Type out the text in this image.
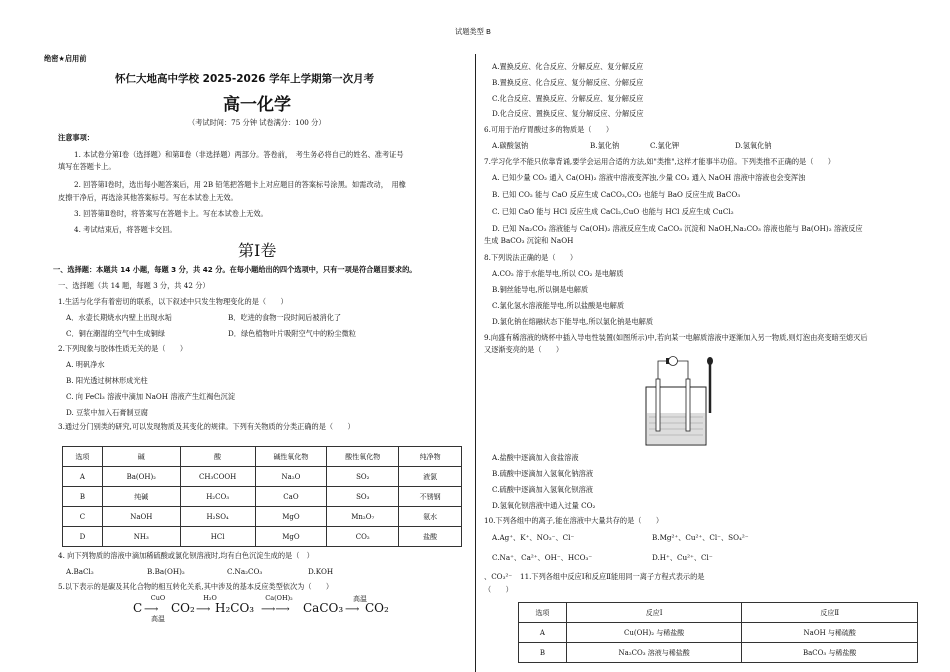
试题类型 B
绝密★启用前
怀仁大地高中学校 2025-2026 学年上学期第一次月考
高一化学
（考试时间：75 分钟 试卷满分：100 分）
注意事项：
1. 本试卷分第Ⅰ卷（选择题）和第Ⅱ卷（非选择题）两部分。答卷前，　考生务必将自己的姓名、准考证号
填写在答题卡上。
2. 回答第Ⅰ卷时，选出每小题答案后，用 2B 铅笔把答题卡上对应题目的答案标号涂黑。如需改动，　用橡
皮擦干净后，再选涂其他答案标号。写在本试卷上无效。
3. 回答第Ⅱ卷时，将答案写在答题卡上。写在本试卷上无效。
4. 考试结束后，将答题卡交回。
第Ⅰ卷
一、选择题：本题共 14 小题，每题 3 分，共 42 分。在每小题给出的四个选项中，只有一项是符合题目要求的。
一、选择题（共 14 题，每题 3 分，共 42 分）
1.生活与化学有着密切的联系，以下叙述中只发生物理变化的是（　　）
A．水壶长期烧水内壁上出现水垢	B．吃进的食物一段时间后被消化了
C．铜在潮湿的空气中生成铜绿	D．绿色植物叶片吸附空气中的粉尘微粒
2.下列现象与胶体性质无关的是（　　）
A. 明矾净水
B. 阳光透过树林形成光柱
C. 向 FeCl₃ 溶液中滴加 NaOH 溶液产生红褐色沉淀
D. 豆浆中加入石膏制豆腐
3.通过分门别类的研究,可以发现物质及其变化的规律。下列有关物质的分类正确的是（　　）
选项	碱	酸	碱性氧化物	酸性氧化物	纯净物
A	Ba(OH)₂	CH₃COOH	Na₂O	SO₂	液氯
B	纯碱	H₂CO₃	CaO	SO₃	不锈钢
C	NaOH	H₂SO₄	MgO	Mn₂O₇	氨水
D	NH₃	HCl	MgO	CO₂	盐酸
4. 向下列物质的溶液中滴加稀硫酸或氯化钡溶液时,均有白色沉淀生成的是（　）
A.BaCl₂	B.Ba(OH)₂	C.Na₂CO₃	D.KOH
5.以下表示的是碳及其化合物的相互转化关系,其中涉及的基本反应类型依次为（　　）
C
CuO
⟶
高温
CO₂
H₂O
⟶ H₂CO₃
Ca(OH)₂
⟶⟶ CaCO₃
高温
⟶ CO₂
A.置换反应、化合反应、分解反应、复分解反应
B.置换反应、化合反应、复分解反应、分解反应
C.化合反应、置换反应、分解反应、复分解反应
D.化合反应、置换反应、复分解反应、分解反应
6.可用于治疗胃酸过多的物质是（　　）
A.碳酸氢钠	B.氯化钠	C.氯化钾	D.氢氧化钠
7.学习化学不能只依靠背诵,要学会运用合适的方法,如"类推",这样才能事半功倍。下列类推不正确的是（　　）
A. 已知少量 CO₂ 通入 Ca(OH)₂ 溶液中溶液变浑浊,少量 CO₂ 通入 NaOH 溶液中溶液也会变浑浊
B. 已知 CO₂ 能与 CaO 反应生成 CaCO₃,CO₂ 也能与 BaO 反应生成 BaCO₃
C. 已知 CaO 能与 HCl 反应生成 CaCl₂,CuO 也能与 HCl 反应生成 CuCl₂
D. 已知 Na₂CO₃ 溶液能与 Ca(OH)₂ 溶液反应生成 CaCO₃ 沉淀和 NaOH,Na₂CO₃ 溶液也能与 Ba(OH)₂ 溶液反应
生成 BaCO₃ 沉淀和 NaOH
8.下列说法正确的是（　　）
A.CO₂ 溶于水能导电,所以 CO₂ 是电解质
B.铜丝能导电,所以铜是电解质
C.氯化氢水溶液能导电,所以盐酸是电解质
D.氯化钠在熔融状态下能导电,所以氯化钠是电解质
9.向盛有稀溶液的烧杯中插入导电性装置(如图所示)中,若向某一电解质溶液中逐渐加入另一物质,则灯泡由亮变暗至熄灭后
又逐渐变亮的是（　　）
A.盐酸中逐滴加入食盐溶液
B.硫酸中逐滴加入氢氧化钠溶液
C.硫酸中逐滴加入氢氧化钡溶液
D.氢氧化钡溶液中通入过量 CO₂
10.下列各组中的离子,能在溶液中大量共存的是（　　）
A.Ag⁺、K⁺、NO₃⁻、Cl⁻	B.Mg²⁺、Cu²⁺、Cl⁻、SO₄²⁻
C.Na⁺、Ca²⁺、OH⁻、HCO₃⁻	D.H⁺、Cu²⁺、Cl⁻
、CO₃²⁻ 11.下列各组中反应Ⅰ和反应Ⅱ能用同一离子方程式表示的是
（　　）
选项	反应Ⅰ	反应Ⅱ
A	Cu(OH)₂ 与稀盐酸	NaOH 与稀硫酸
B	Na₂CO₃ 溶液与稀盐酸	BaCO₃ 与稀盐酸
